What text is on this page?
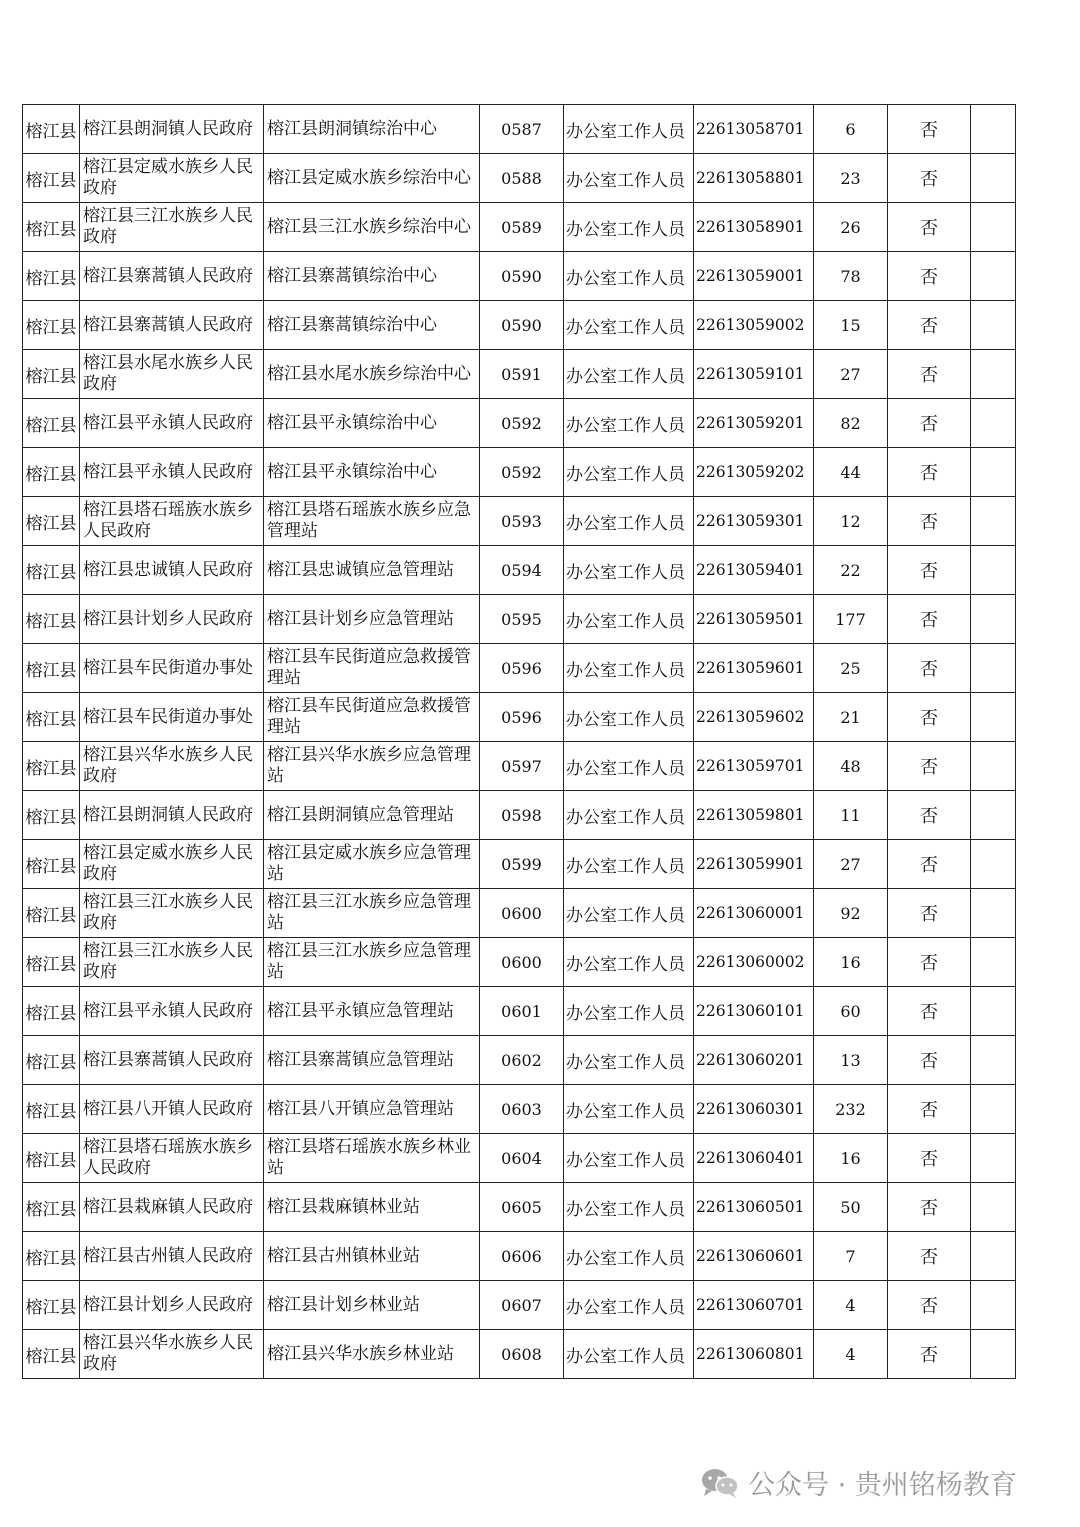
榕江县	榕江县朗洞镇人民政府	榕江县朗洞镇综治中心	0587	办公室工作人员	22613058701	6	否	
榕江县	榕江县定威水族乡人民政府	榕江县定威水族乡综治中心	0588	办公室工作人员	22613058801	23	否	
榕江县	榕江县三江水族乡人民政府	榕江县三江水族乡综治中心	0589	办公室工作人员	22613058901	26	否	
榕江县	榕江县寨蒿镇人民政府	榕江县寨蒿镇综治中心	0590	办公室工作人员	22613059001	78	否	
榕江县	榕江县寨蒿镇人民政府	榕江县寨蒿镇综治中心	0590	办公室工作人员	22613059002	15	否	
榕江县	榕江县水尾水族乡人民政府	榕江县水尾水族乡综治中心	0591	办公室工作人员	22613059101	27	否	
榕江县	榕江县平永镇人民政府	榕江县平永镇综治中心	0592	办公室工作人员	22613059201	82	否	
榕江县	榕江县平永镇人民政府	榕江县平永镇综治中心	0592	办公室工作人员	22613059202	44	否	
榕江县	榕江县塔石瑶族水族乡人民政府	榕江县塔石瑶族水族乡应急管理站	0593	办公室工作人员	22613059301	12	否	
榕江县	榕江县忠诚镇人民政府	榕江县忠诚镇应急管理站	0594	办公室工作人员	22613059401	22	否	
榕江县	榕江县计划乡人民政府	榕江县计划乡应急管理站	0595	办公室工作人员	22613059501	177	否	
榕江县	榕江县车民街道办事处	榕江县车民街道应急救援管理站	0596	办公室工作人员	22613059601	25	否	
榕江县	榕江县车民街道办事处	榕江县车民街道应急救援管理站	0596	办公室工作人员	22613059602	21	否	
榕江县	榕江县兴华水族乡人民政府	榕江县兴华水族乡应急管理站	0597	办公室工作人员	22613059701	48	否	
榕江县	榕江县朗洞镇人民政府	榕江县朗洞镇应急管理站	0598	办公室工作人员	22613059801	11	否	
榕江县	榕江县定威水族乡人民政府	榕江县定威水族乡应急管理站	0599	办公室工作人员	22613059901	27	否	
榕江县	榕江县三江水族乡人民政府	榕江县三江水族乡应急管理站	0600	办公室工作人员	22613060001	92	否	
榕江县	榕江县三江水族乡人民政府	榕江县三江水族乡应急管理站	0600	办公室工作人员	22613060002	16	否	
榕江县	榕江县平永镇人民政府	榕江县平永镇应急管理站	0601	办公室工作人员	22613060101	60	否	
榕江县	榕江县寨蒿镇人民政府	榕江县寨蒿镇应急管理站	0602	办公室工作人员	22613060201	13	否	
榕江县	榕江县八开镇人民政府	榕江县八开镇应急管理站	0603	办公室工作人员	22613060301	232	否	
榕江县	榕江县塔石瑶族水族乡人民政府	榕江县塔石瑶族水族乡林业站	0604	办公室工作人员	22613060401	16	否	
榕江县	榕江县栽麻镇人民政府	榕江县栽麻镇林业站	0605	办公室工作人员	22613060501	50	否	
榕江县	榕江县古州镇人民政府	榕江县古州镇林业站	0606	办公室工作人员	22613060601	7	否	
榕江县	榕江县计划乡人民政府	榕江县计划乡林业站	0607	办公室工作人员	22613060701	4	否	
榕江县	榕江县兴华水族乡人民政府	榕江县兴华水族乡林业站	0608	办公室工作人员	22613060801	4	否	
公众号 · 贵州铭杨教育
